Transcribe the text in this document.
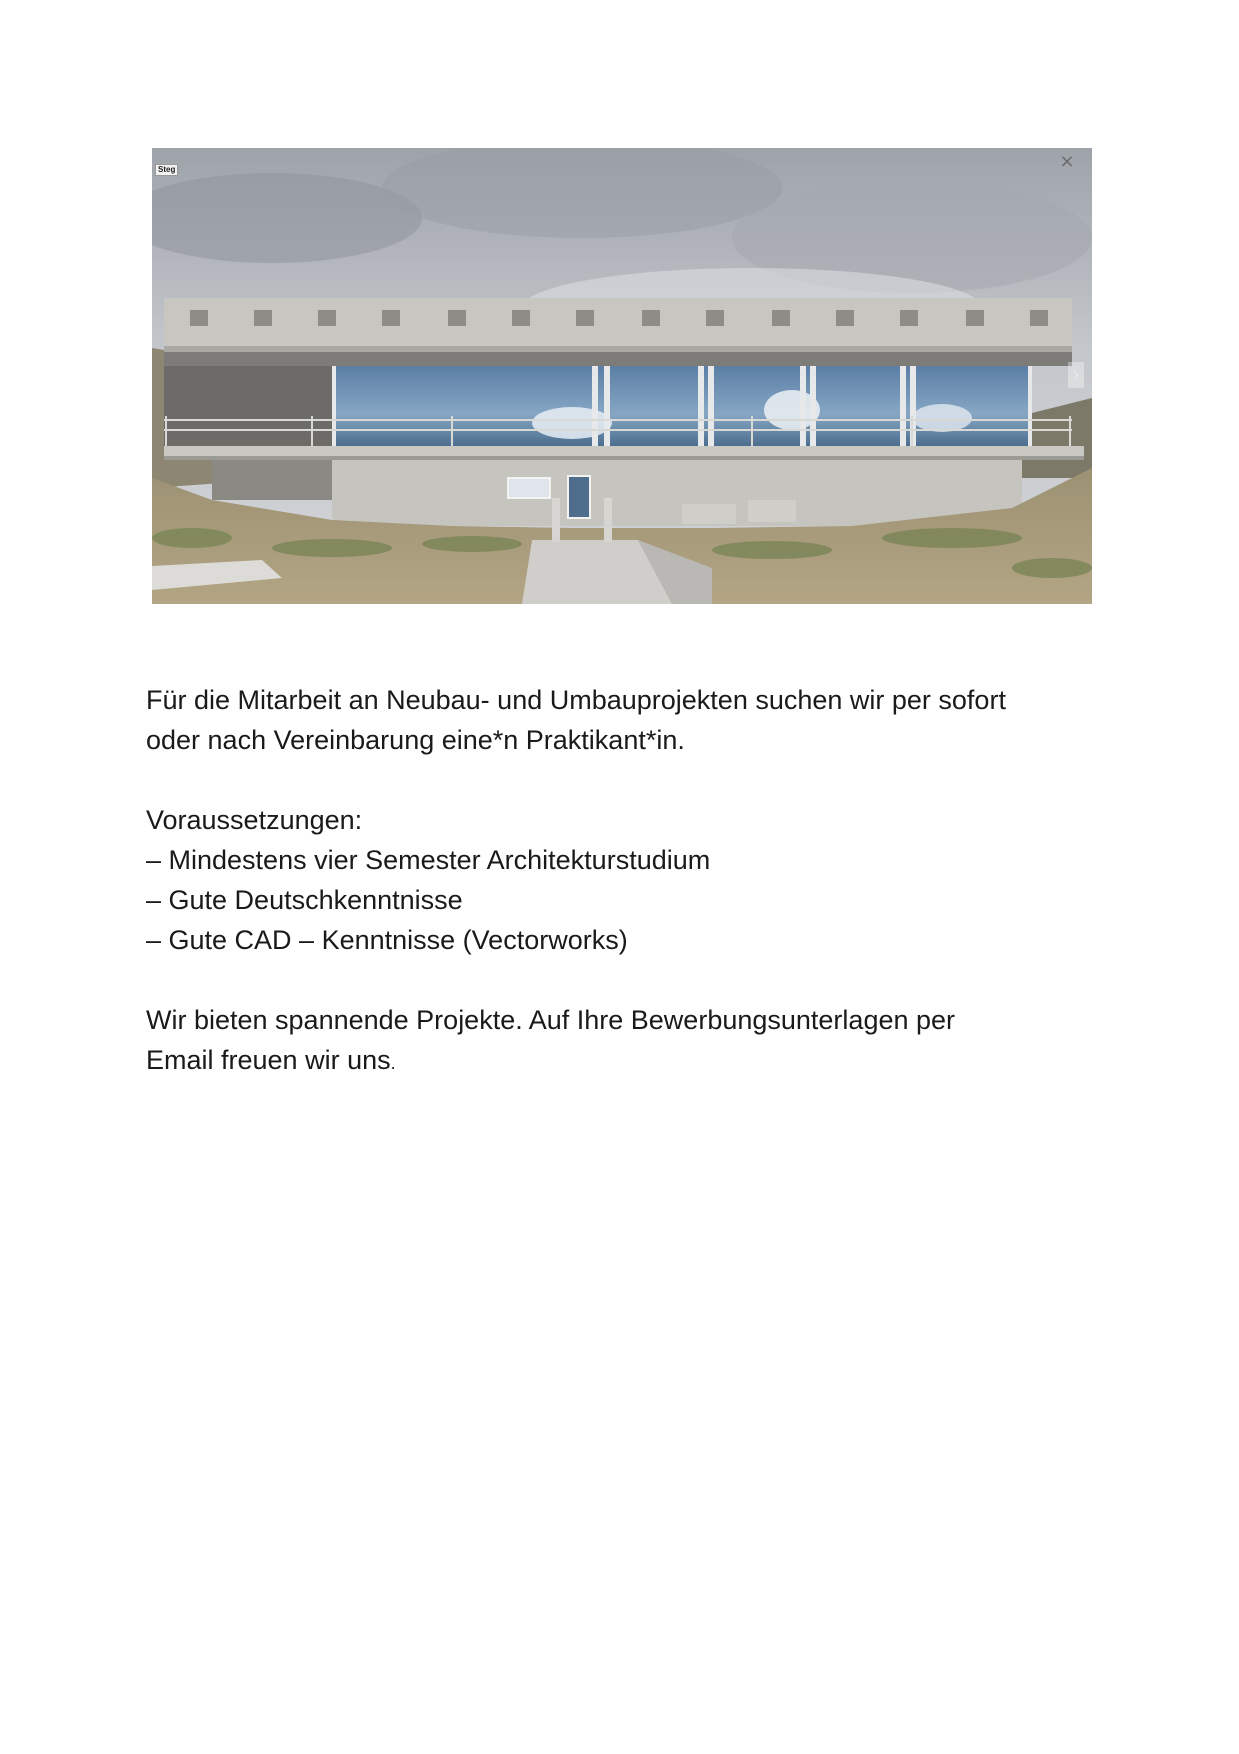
Steg	×
›

Für die Mitarbeit an Neubau- und Umbauprojekten suchen wir per sofort

oder nach Vereinbarung eine*n Praktikant*in.

Voraussetzungen:

– Mindestens vier Semester Architekturstudium

– Gute Deutschkenntnisse

– Gute CAD – Kenntnisse (Vectorworks)

Wir bieten spannende Projekte. Auf Ihre Bewerbungsunterlagen per

Email freuen wir uns.
